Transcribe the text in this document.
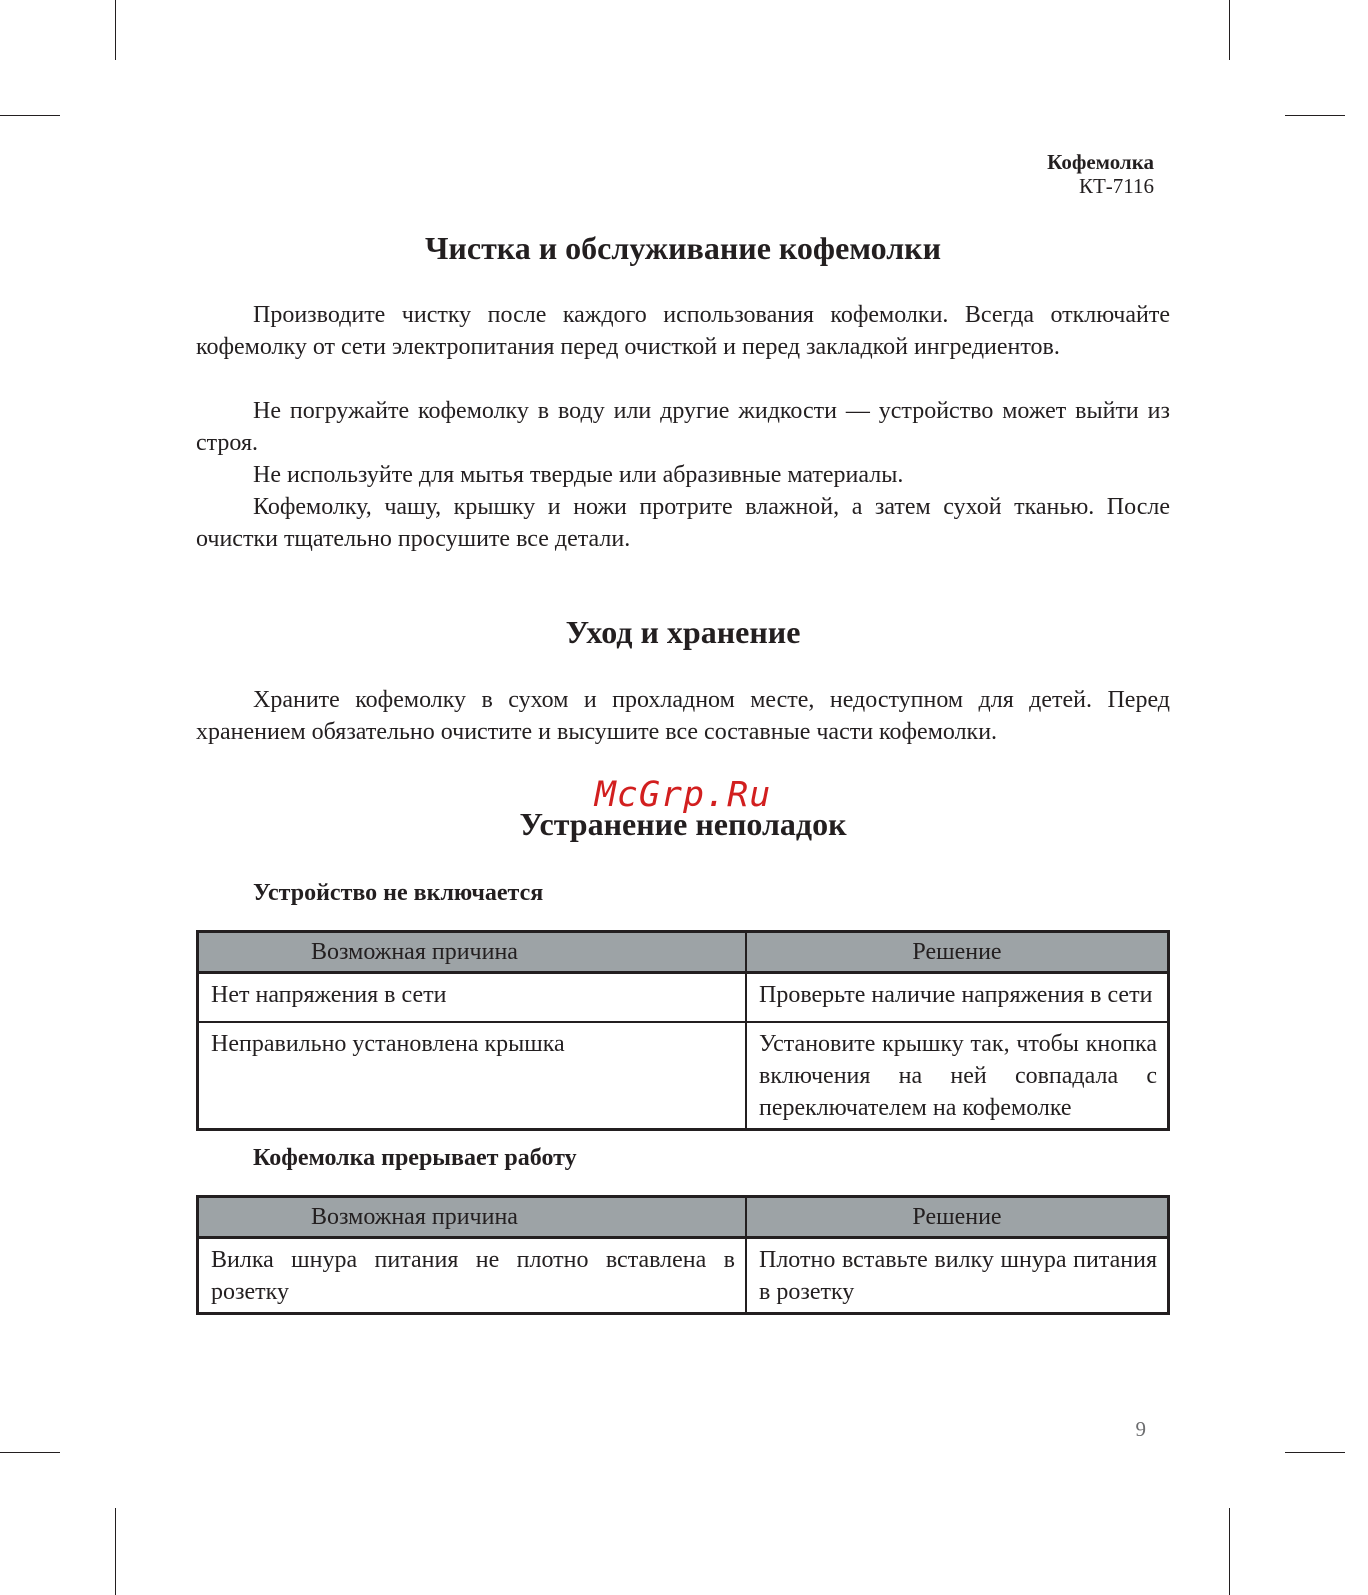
Кофемолка
КТ-7116
Чистка и обслуживание кофемолки

Производите чистку после каждого использования кофемолки. Всегда отключайте кофемолку от сети электропитания перед очисткой и перед закладкой ингредиентов.

Не погружайте кофемолку в воду или другие жидкости — устройство может выйти из строя.

Не используйте для мытья твердые или абразивные материалы.

Кофемолку, чашу, крышку и ножи протрите влажной, а затем сухой тканью. После очистки тщательно просушите все детали.

Уход и хранение

Храните кофемолку в сухом и прохладном месте, недоступном для детей. Перед хранением обязательно очистите и высушите все составные части кофемолки.

McGrp.Ru
Устранение неполадок

Устройство не включается

Возможная причина	Решение
Нет напряжения в сети	Проверьте наличие напряжения в сети
Неправильно установлена крышка	Установите крышку так, чтобы кнопка включения на ней совпадала с переключателем на кофемолке

Кофемолка прерывает работу

Возможная причина	Решение
Вилка шнура питания не плотно вставлена в розетку	Плотно вставьте вилку шнура питания в розетку
9
